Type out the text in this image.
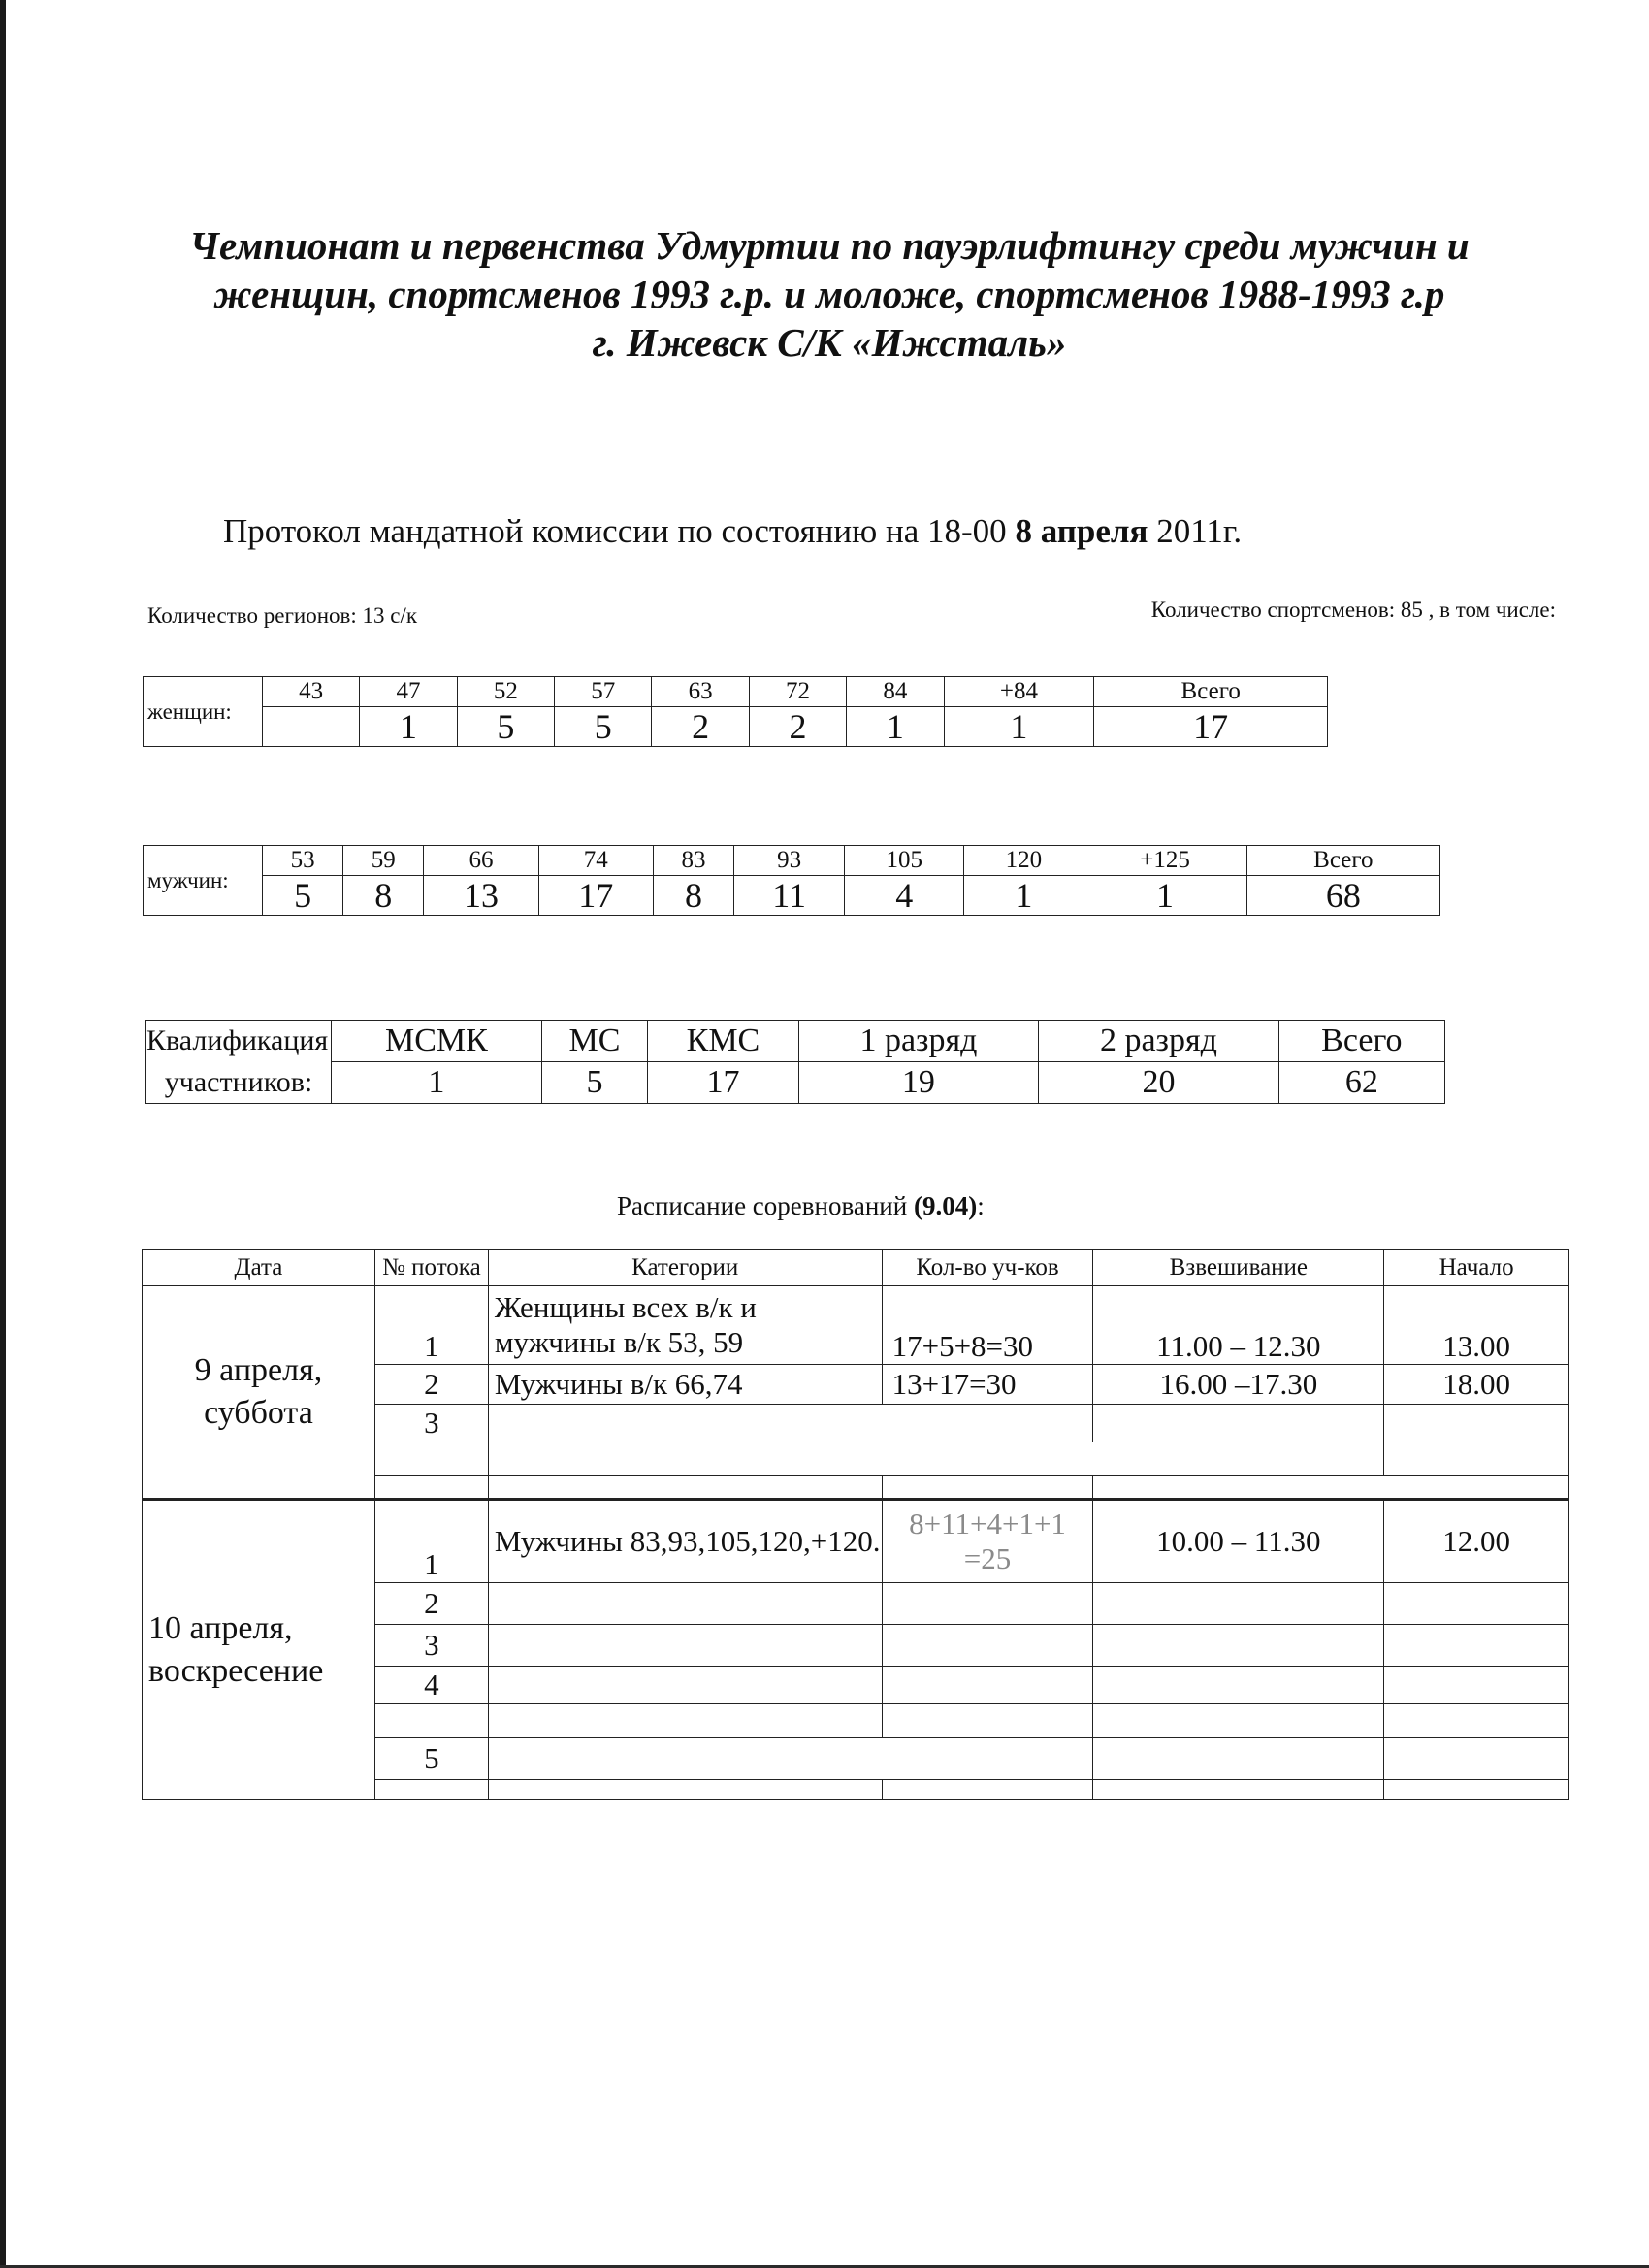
Чемпионат и первенства Удмуртии по пауэрлифтингу среди мужчин и
женщин, спортсменов 1993 г.р. и моложе, спортсменов 1988-1993 г.р
г. Ижевск С/К «Ижсталь»
Протокол мандатной комиссии по состоянию на 18-00 8 апреля 2011г.
Количество регионов: 13 с/к	Количество спортсменов: 85 , в том числе:
женщин:	43	47	52	57	63	72	84	+84	Всего
		1	5	5	2	2	1	1	17
мужчин:	53	59	66	74	83	93	105	120	+125	Всего
	5	8	13	17	8	11	4	1	1	68
Квалификация	МСМК	МС	КМС	1 разряд	2 разряд	Всего
участников:	1	5	17	19	20	62
Расписание соревнований (9.04):
Дата	№ потока	Категории	Кол-во уч-ков	Взвешивание	Начало
9 апреля, суббота	1	Женщины всех в/к и мужчины в/к 53, 59	17+5+8=30	11.00 – 12.30	13.00
	2	Мужчины в/к 66,74	13+17=30	16.00 –17.30	18.00
	3				

10 апреля, воскресение	1	Мужчины 83,93,105,120,+120.	8+11+4+1+1 =25	10.00 – 11.30	12.00
	2				
	3				
	4				

	5				
